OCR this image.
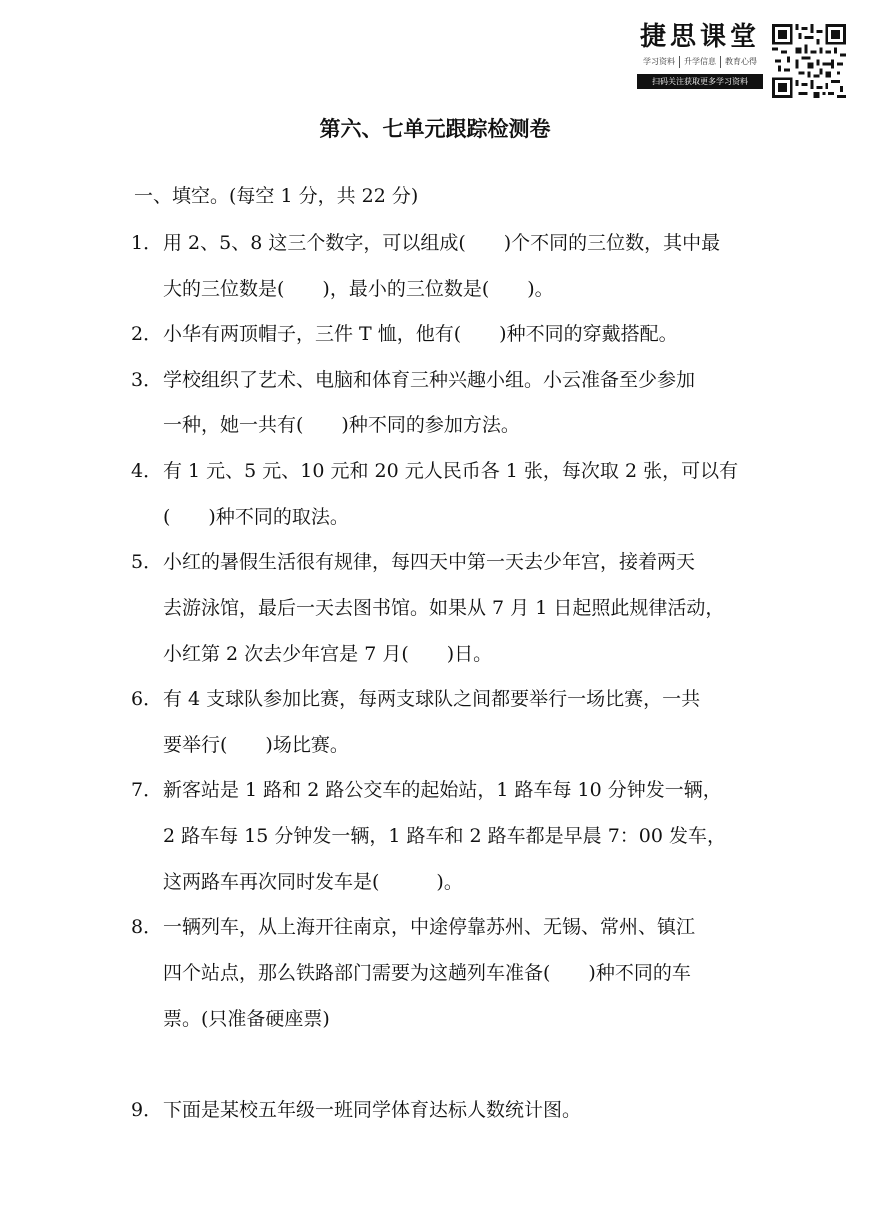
捷思课堂
学习资料	升学信息	教育心得
扫码关注获取更多学习资料
第六、七单元跟踪检测卷
一、填空。(每空 1 分，共 22 分)
1． 用 2、5、8 这三个数字，可以组成(　　)个不同的三位数，其中最
大的三位数是(　　)，最小的三位数是(　　)。
2． 小华有两顶帽子，三件 T 恤，他有(　　)种不同的穿戴搭配。
3． 学校组织了艺术、电脑和体育三种兴趣小组。小云准备至少参加
一种，她一共有(　　)种不同的参加方法。
4． 有 1 元、5 元、10 元和 20 元人民币各 1 张，每次取 2 张，可以有
(　　)种不同的取法。
5． 小红的暑假生活很有规律，每四天中第一天去少年宫，接着两天
去游泳馆，最后一天去图书馆。如果从 7 月 1 日起照此规律活动，
小红第 2 次去少年宫是 7 月(　　)日。
6． 有 4 支球队参加比赛，每两支球队之间都要举行一场比赛，一共
要举行(　　)场比赛。
7． 新客站是 1 路和 2 路公交车的起始站，1 路车每 10 分钟发一辆，
2 路车每 15 分钟发一辆，1 路车和 2 路车都是早晨 7：00 发车，
这两路车再次同时发车是(　　　)。
8． 一辆列车，从上海开往南京，中途停靠苏州、无锡、常州、镇江
四个站点，那么铁路部门需要为这趟列车准备(　　)种不同的车
票。(只准备硬座票)
9． 下面是某校五年级一班同学体育达标人数统计图。
